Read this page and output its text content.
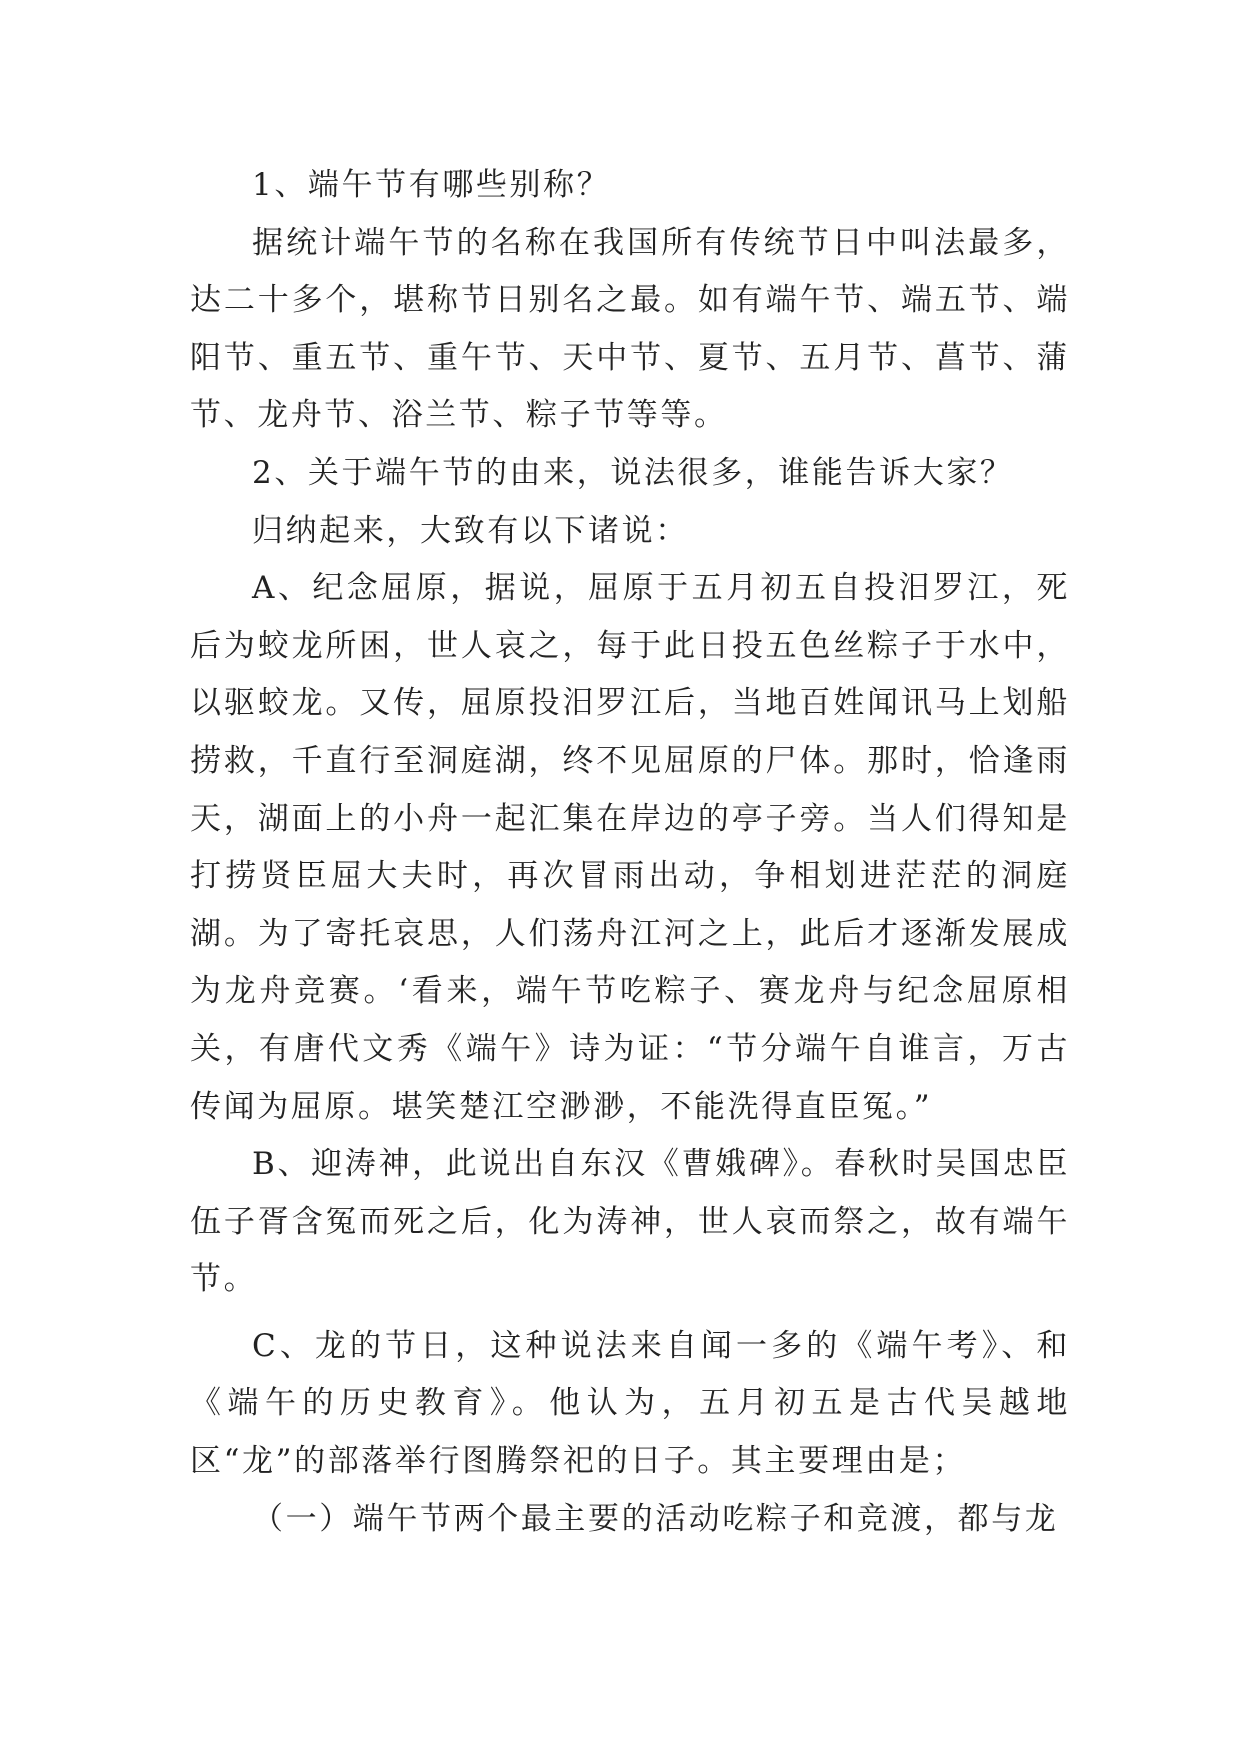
1、端午节有哪些别称？

据统计端午节的名称在我国所有传统节日中叫法最多，达二十多个，堪称节日别名之最。如有端午节、端五节、端阳节、重五节、重午节、天中节、夏节、五月节、菖节、蒲节、龙舟节、浴兰节、粽子节等等。

2、关于端午节的由来，说法很多，谁能告诉大家？

归纳起来，大致有以下诸说：

A、纪念屈原，据说，屈原于五月初五自投汨罗江，死后为蛟龙所困，世人哀之，每于此日投五色丝粽子于水中，以驱蛟龙。又传，屈原投汨罗江后，当地百姓闻讯马上划船捞救，千直行至洞庭湖，终不见屈原的尸体。那时，恰逢雨天，湖面上的小舟一起汇集在岸边的亭子旁。当人们得知是打捞贤臣屈大夫时，再次冒雨出动，争相划进茫茫的洞庭湖。为了寄托哀思，人们荡舟江河之上，此后才逐渐发展成为龙舟竞赛。‘看来，端午节吃粽子、赛龙舟与纪念屈原相关，有唐代文秀《端午》诗为证：“节分端午自谁言，万古传闻为屈原。堪笑楚江空渺渺，不能洗得直臣冤。”

B、迎涛神，此说出自东汉《曹娥碑》。春秋时吴国忠臣伍子胥含冤而死之后，化为涛神，世人哀而祭之，故有端午节。

C、龙的节日，这种说法来自闻一多的《端午考》、和《端午的历史教育》。他认为，五月初五是古代吴越地区“龙”的部落举行图腾祭祀的日子。其主要理由是；

（一）端午节两个最主要的活动吃粽子和竞渡，都与龙
